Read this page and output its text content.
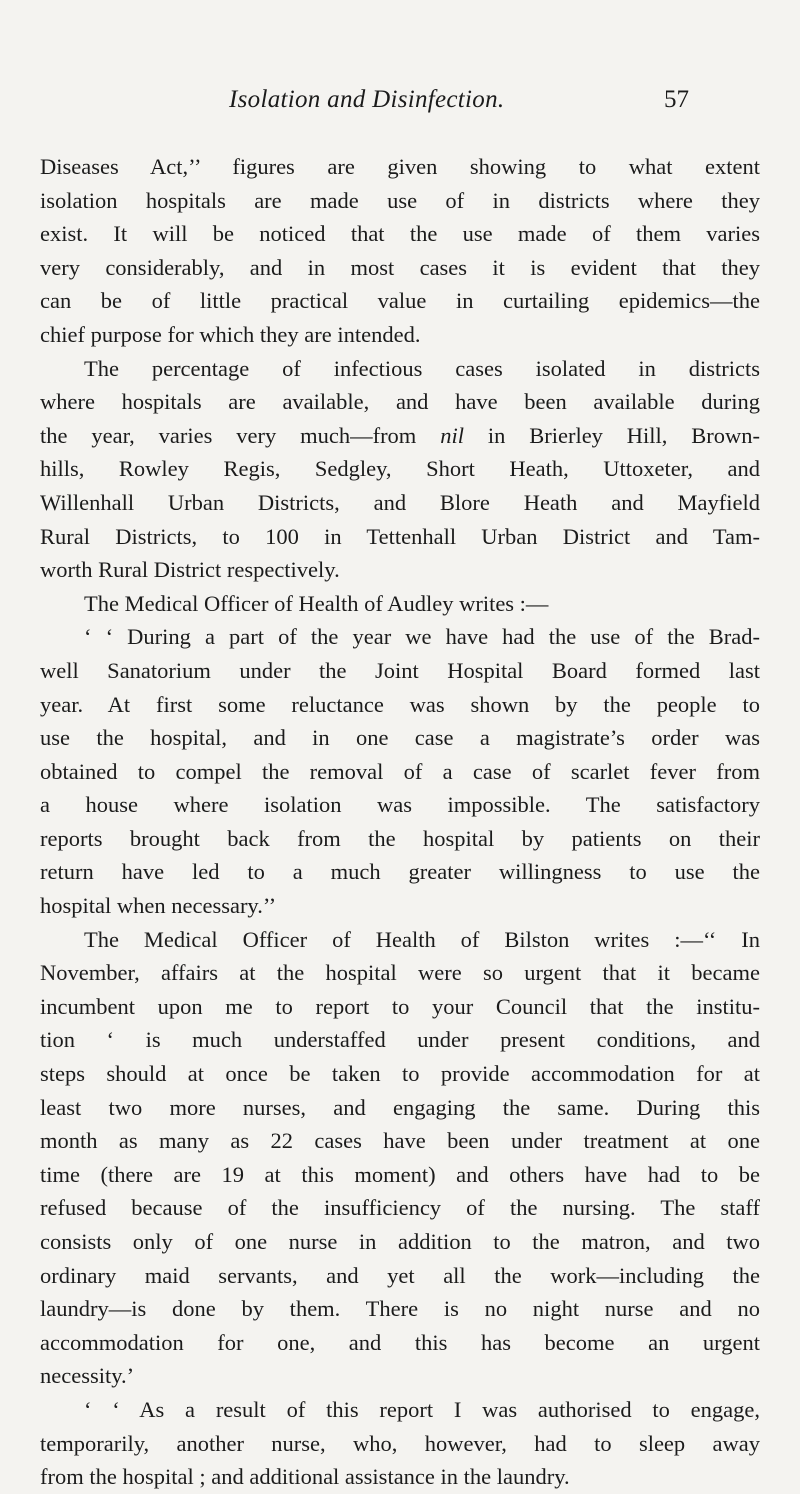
Isolation and Disinfection.	57
Diseases Act,’’ figures are given showing to what extent
isolation hospitals are made use of in districts where they
exist. It will be noticed that the use made of them varies
very considerably, and in most cases it is evident that they
can be of little practical value in curtailing epidemics—the
chief purpose for which they are intended.
The percentage of infectious cases isolated in districts
where hospitals are available, and have been available during
the year, varies very much—from nil in Brierley Hill, Brown-
hills, Rowley Regis, Sedgley, Short Heath, Uttoxeter, and
Willenhall Urban Districts, and Blore Heath and Mayfield
Rural Districts, to 100 in Tettenhall Urban District and Tam-
worth Rural District respectively.
The Medical Officer of Health of Audley writes :—
‘ ‘ During a part of the year we have had the use of the Brad-
well Sanatorium under the Joint Hospital Board formed last
year. At first some reluctance was shown by the people to
use the hospital, and in one case a magistrate’s order was
obtained to compel the removal of a case of scarlet fever from
a house where isolation was impossible. The satisfactory
reports brought back from the hospital by patients on their
return have led to a much greater willingness to use the
hospital when necessary.’’
The Medical Officer of Health of Bilston writes :—‘‘ In
November, affairs at the hospital were so urgent that it became
incumbent upon me to report to your Council that the institu-
tion ‘ is much understaffed under present conditions, and
steps should at once be taken to provide accommodation for at
least two more nurses, and engaging the same. During this
month as many as 22 cases have been under treatment at one
time (there are 19 at this moment) and others have had to be
refused because of the insufficiency of the nursing. The staff
consists only of one nurse in addition to the matron, and two
ordinary maid servants, and yet all the work—including the
laundry—is done by them. There is no night nurse and no
accommodation for one, and this has become an urgent
necessity.’
‘ ‘ As a result of this report I was authorised to engage,
temporarily, another nurse, who, however, had to sleep away
from the hospital ; and additional assistance in the laundry.
